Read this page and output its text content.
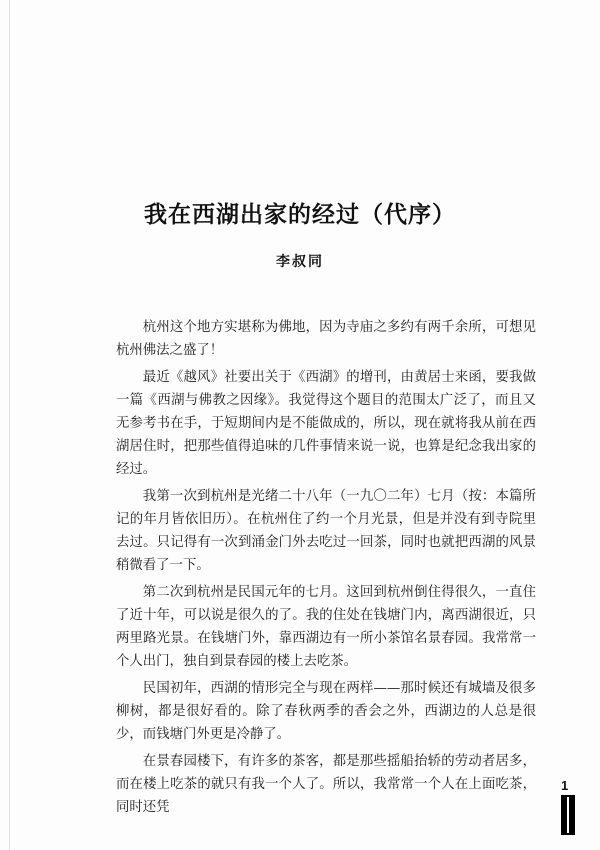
我在西湖出家的经过（代序）
李叔同

杭州这个地方实堪称为佛地，因为寺庙之多约有两千余所，可想见杭州佛法之盛了！

最近《越风》社要出关于《西湖》的增刊，由黄居士来函，要我做一篇《西湖与佛教之因缘》。我觉得这个题目的范围太广泛了，而且又无参考书在手，于短期间内是不能做成的，所以，现在就将我从前在西湖居住时，把那些值得追味的几件事情来说一说，也算是纪念我出家的经过。

我第一次到杭州是光绪二十八年（一九〇二年）七月（按：本篇所记的年月皆依旧历）。在杭州住了约一个月光景，但是并没有到寺院里去过。只记得有一次到涌金门外去吃过一回茶，同时也就把西湖的风景稍微看了一下。

第二次到杭州是民国元年的七月。这回到杭州倒住得很久，一直住了近十年，可以说是很久的了。我的住处在钱塘门内，离西湖很近，只两里路光景。在钱塘门外，靠西湖边有一所小茶馆名景春园。我常常一个人出门，独自到景春园的楼上去吃茶。

民国初年，西湖的情形完全与现在两样——那时候还有城墙及很多柳树，都是很好看的。除了春秋两季的香会之外，西湖边的人总是很少，而钱塘门外更是冷静了。

在景春园楼下，有许多的茶客，都是那些摇船抬轿的劳动者居多，而在楼上吃茶的就只有我一个人了。所以，我常常一个人在上面吃茶，同时还凭

1
